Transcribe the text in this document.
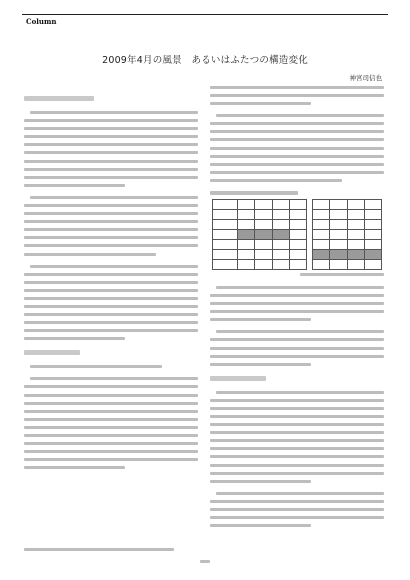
Column
2009年4月の風景　あるいはふたつの構造変化
神宮司信也
